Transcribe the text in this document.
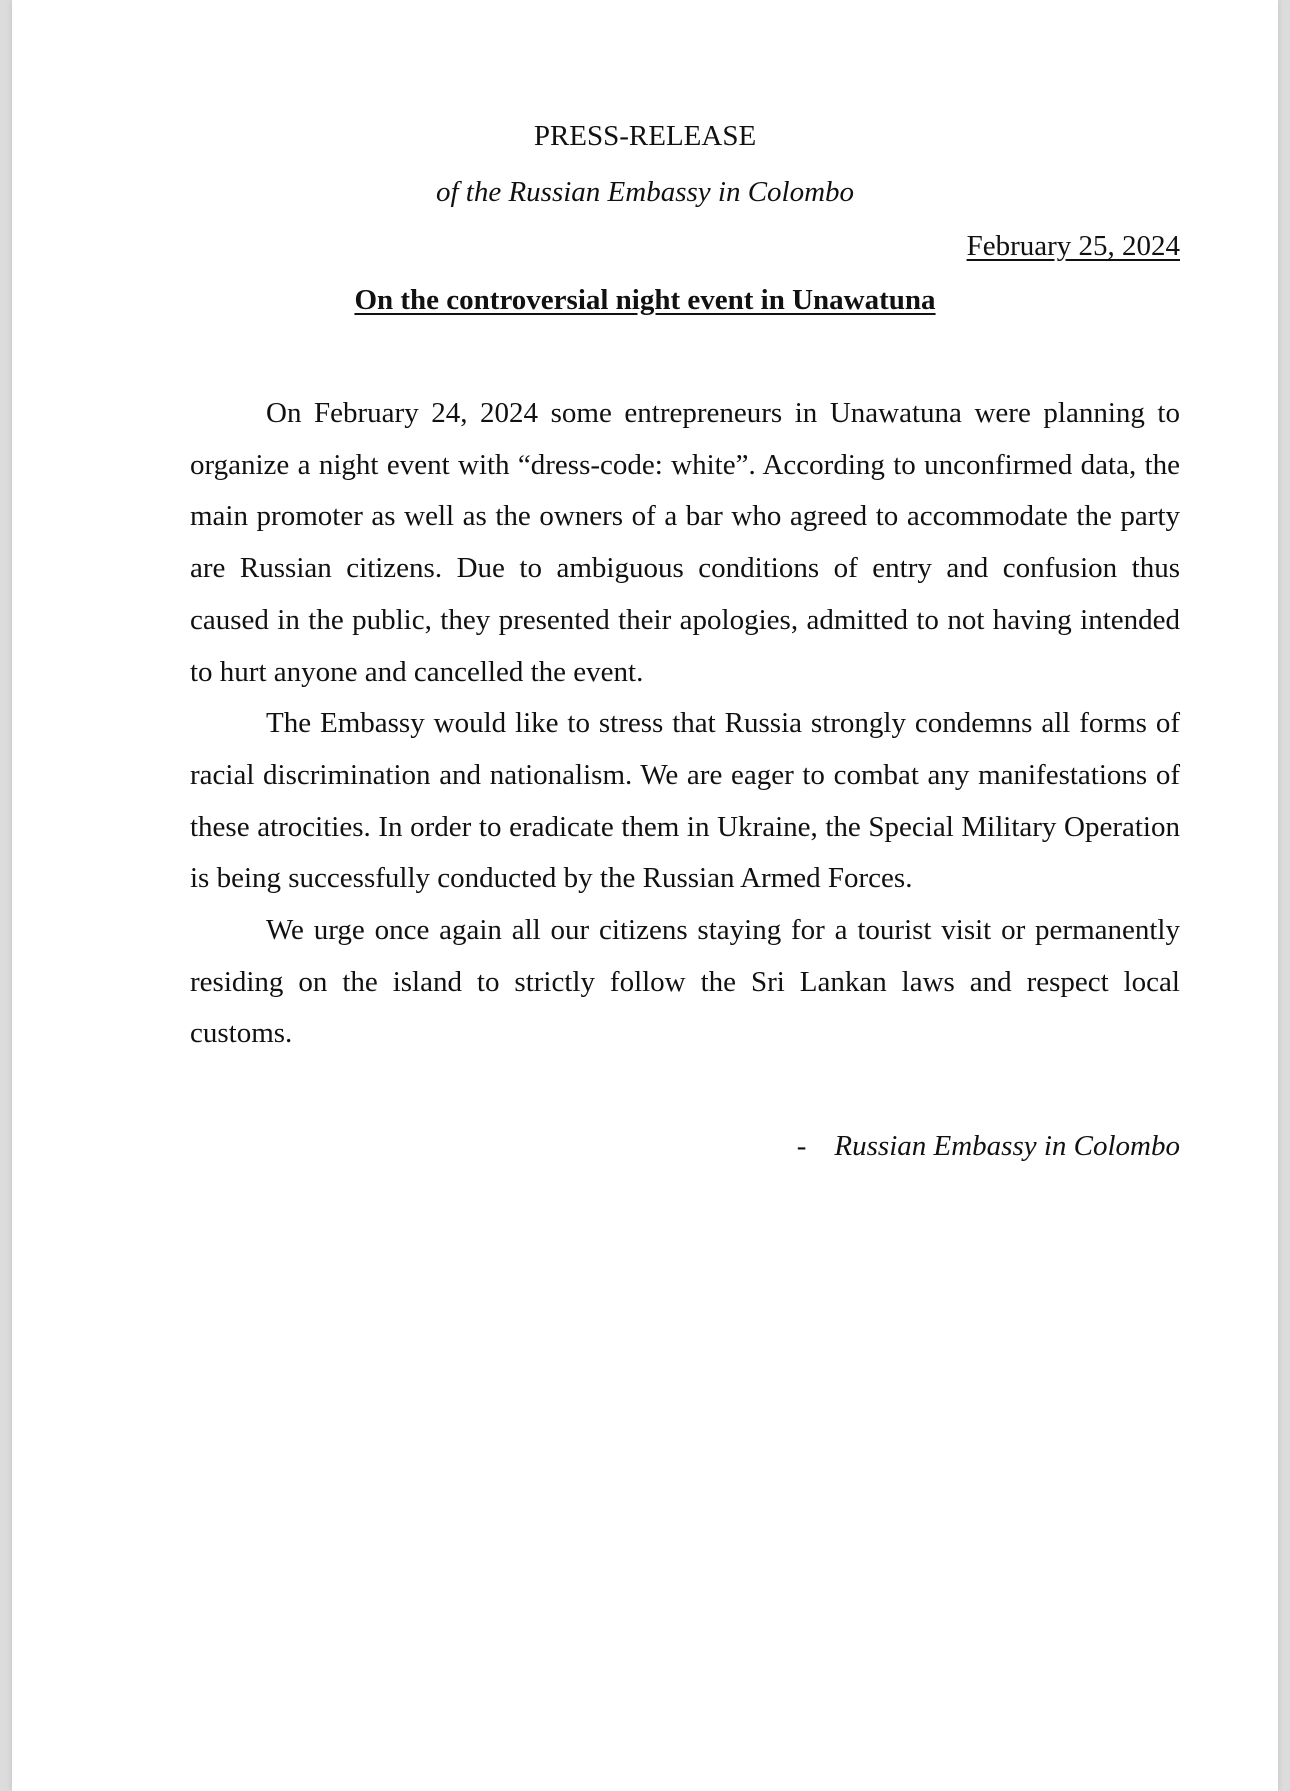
PRESS-RELEASE
of the Russian Embassy in Colombo
February 25, 2024
On the controversial night event in Unawatuna

On February 24, 2024 some entrepreneurs in Unawatuna were planning to organize a night event with “dress-code: white”. According to unconfirmed data, the main promoter as well as the owners of a bar who agreed to accommodate the party are Russian citizens. Due to ambiguous conditions of entry and confusion thus caused in the public, they presented their apologies, admitted to not having intended to hurt anyone and cancelled the event.

The Embassy would like to stress that Russia strongly condemns all forms of racial discrimination and nationalism. We are eager to combat any manifestations of these atrocities. In order to eradicate them in Ukraine, the Special Military Operation is being successfully conducted by the Russian Armed Forces.

We urge once again all our citizens staying for a tourist visit or permanently residing on the island to strictly follow the Sri Lankan laws and respect local customs.

- Russian Embassy in Colombo
